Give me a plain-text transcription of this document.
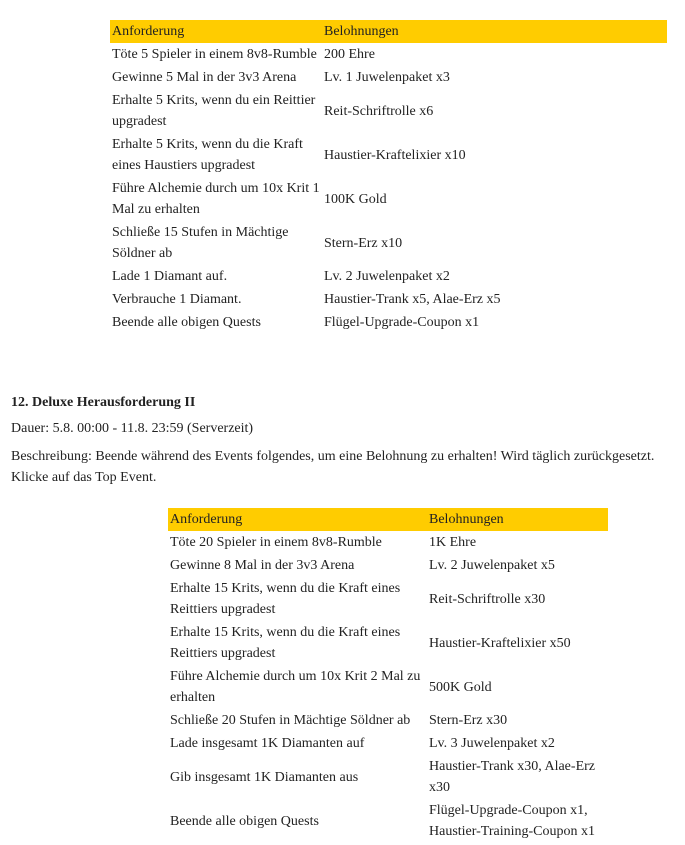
Anforderung	Belohnungen
Töte 5 Spieler in einem 8v8-Rumble	200 Ehre
Gewinne 5 Mal in der 3v3 Arena	Lv. 1 Juwelenpaket x3
Erhalte 5 Krits, wenn du ein Reittier upgradest	Reit-Schriftrolle x6
Erhalte 5 Krits, wenn du die Kraft eines Haustiers upgradest	Haustier-Kraftelixier x10
Führe Alchemie durch um 10x Krit 1 Mal zu erhalten	100K Gold
Schließe 15 Stufen in Mächtige Söldner ab	Stern-Erz x10
Lade 1 Diamant auf.	Lv. 2 Juwelenpaket x2
Verbrauche 1 Diamant.	Haustier-Trank x5, Alae-Erz x5
Beende alle obigen Quests	Flügel-Upgrade-Coupon x1
12. Deluxe Herausforderung II

Dauer: 5.8. 00:00 - 11.8. 23:59 (Serverzeit)

Beschreibung: Beende während des Events folgendes, um eine Belohnung zu erhalten! Wird täglich zurückgesetzt. Klicke auf das Top Event.

Anforderung	Belohnungen
Töte 20 Spieler in einem 8v8-Rumble	1K Ehre
Gewinne 8 Mal in der 3v3 Arena	Lv. 2 Juwelenpaket x5
Erhalte 15 Krits, wenn du die Kraft eines Reittiers upgradest	Reit-Schriftrolle x30
Erhalte 15 Krits, wenn du die Kraft eines Reittiers upgradest	Haustier-Kraftelixier x50
Führe Alchemie durch um 10x Krit 2 Mal zu erhalten	500K Gold
Schließe 20 Stufen in Mächtige Söldner ab	Stern-Erz x30
Lade insgesamt 1K Diamanten auf	Lv. 3 Juwelenpaket x2
Gib insgesamt 1K Diamanten aus	Haustier-Trank x30, Alae-Erz x30
Beende alle obigen Quests	Flügel-Upgrade-Coupon x1, Haustier-Training-Coupon x1
